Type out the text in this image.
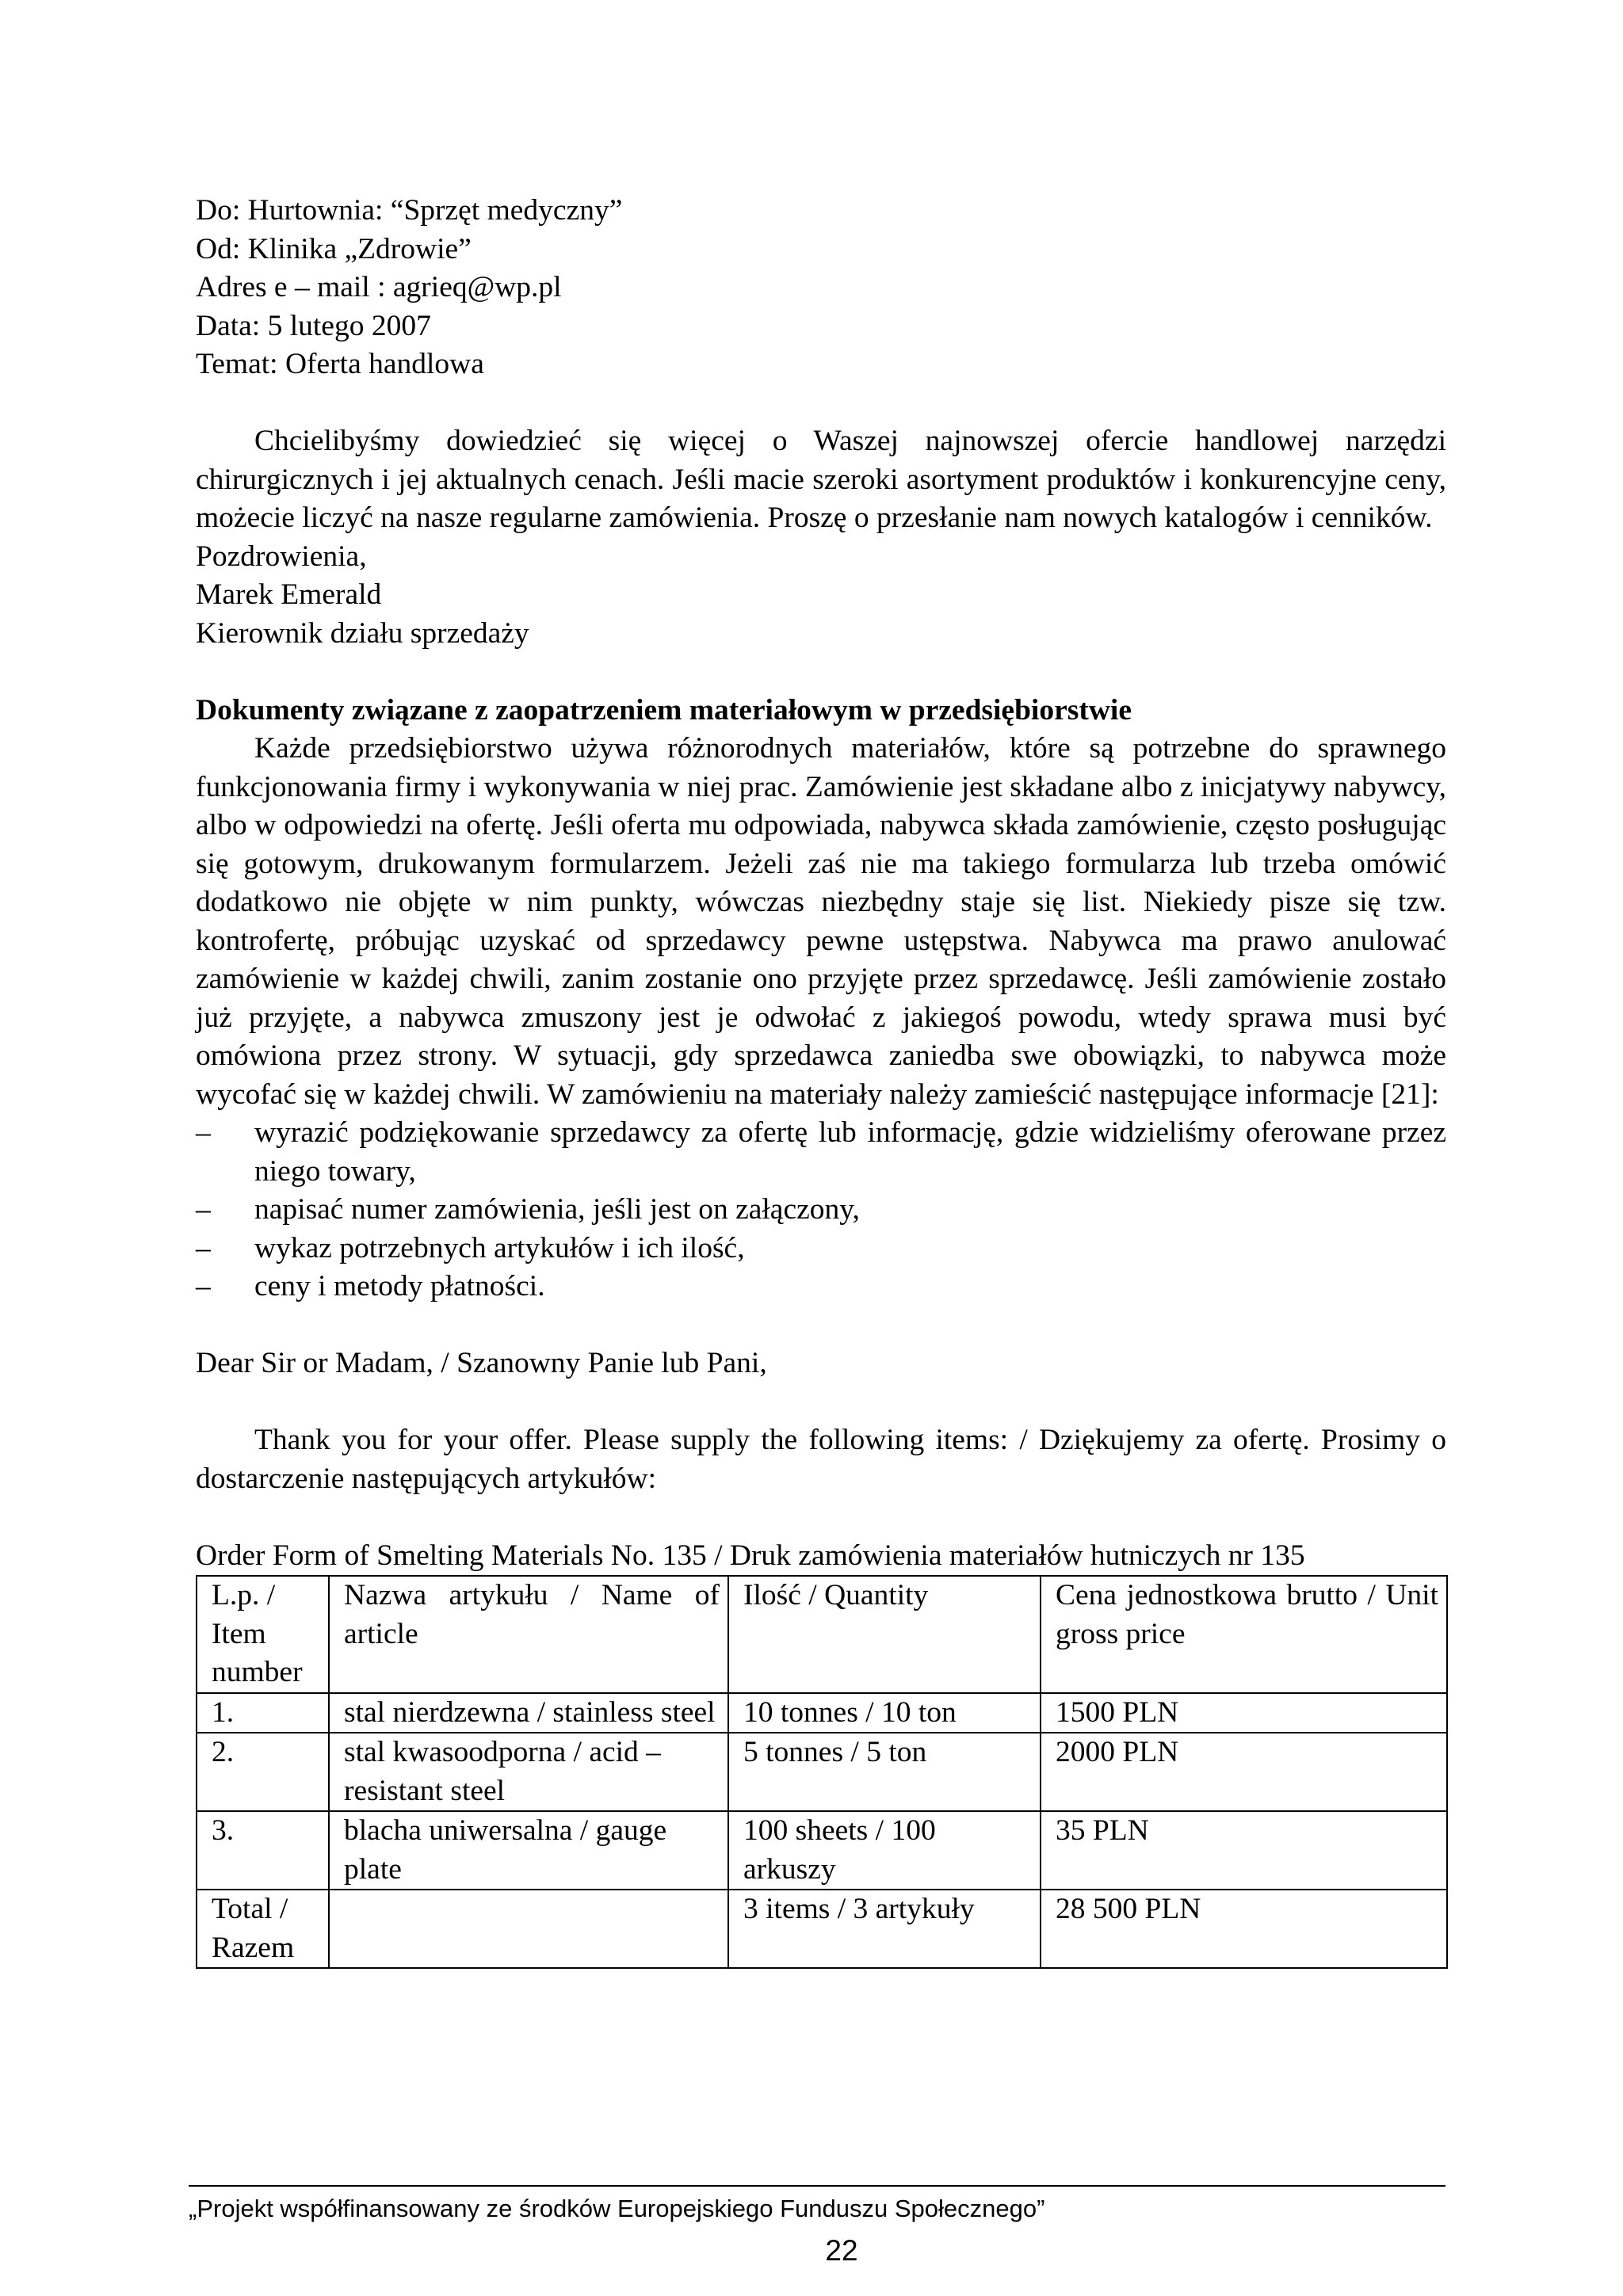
Do: Hurtownia: “Sprzęt medyczny”

Od: Klinika „Zdrowie”

Adres e – mail : agrieq@wp.pl

Data: 5 lutego 2007

Temat: Oferta handlowa

Chcielibyśmy dowiedzieć się więcej o Waszej najnowszej ofercie handlowej narzędzi chirurgicznych i jej aktualnych cenach. Jeśli macie szeroki asortyment produktów i konkurencyjne ceny, możecie liczyć na nasze regularne zamówienia. Proszę o przesłanie nam nowych katalogów i cenników.

Pozdrowienia,

Marek Emerald

Kierownik działu sprzedaży

Dokumenty związane z zaopatrzeniem materiałowym w przedsiębiorstwie

Każde przedsiębiorstwo używa różnorodnych materiałów, które są potrzebne do sprawnego funkcjonowania firmy i wykonywania w niej prac. Zamówienie jest składane albo z inicjatywy nabywcy, albo w odpowiedzi na ofertę. Jeśli oferta mu odpowiada, nabywca składa zamówienie, często posługując się gotowym, drukowanym formularzem. Jeżeli zaś nie ma takiego formularza lub trzeba omówić dodatkowo nie objęte w nim punkty, wówczas niezbędny staje się list. Niekiedy pisze się tzw. kontrofertę, próbując uzyskać od sprzedawcy pewne ustępstwa. Nabywca ma prawo anulować zamówienie w każdej chwili, zanim zostanie ono przyjęte przez sprzedawcę. Jeśli zamówienie zostało już przyjęte, a nabywca zmuszony jest je odwołać z jakiegoś powodu, wtedy sprawa musi być omówiona przez strony. W sytuacji, gdy sprzedawca zaniedba swe obowiązki, to nabywca może wycofać się w każdej chwili. W zamówieniu na materiały należy zamieścić następujące informacje [21]:

– wyrazić podziękowanie sprzedawcy za ofertę lub informację, gdzie widzieliśmy oferowane przez niego towary,
– napisać numer zamówienia, jeśli jest on załączony,
– wykaz potrzebnych artykułów i ich ilość,
– ceny i metody płatności.

Dear Sir or Madam, / Szanowny Panie lub Pani,

Thank you for your offer. Please supply the following items: / Dziękujemy za ofertę. Prosimy o dostarczenie następujących artykułów:

Order Form of Smelting Materials No. 135 / Druk zamówienia materiałów hutniczych nr 135

L.p. / Item number	Nazwa artykułu / Name of article	Ilość / Quantity	Cena jednostkowa brutto / Unit gross price
1.	stal nierdzewna / stainless steel	10 tonnes / 10 ton	1500 PLN
2.	stal kwasoodporna / acid – resistant steel	5 tonnes / 5 ton	2000 PLN
3.	blacha uniwersalna / gauge plate	100 sheets / 100 arkuszy	35 PLN
Total / Razem		3 items / 3 artykuły	28 500 PLN
„Projekt współfinansowany ze środków Europejskiego Funduszu Społecznego”
22
